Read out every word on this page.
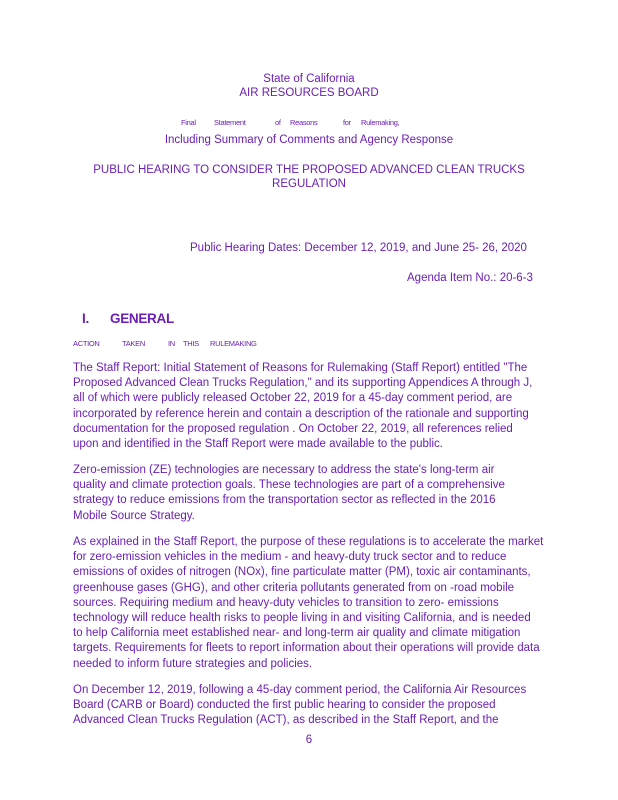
State of California
AIR RESOURCES BOARD
Final Statement	of Reasons	for Rulemaking,
Including Summary of Comments and Agency Response
PUBLIC HEARING TO CONSIDER THE PROPOSED ADVANCED CLEAN TRUCKS
REGULATION
Public Hearing Dates: December 12, 2019, and June 25- 26, 2020
Agenda Item No.: 20-6-3
I. GENERAL
ACTION	TAKEN	IN THIS RULEMAKING
The Staff Report: Initial Statement of Reasons for Rulemaking (Staff Report) entitled "The
Proposed Advanced Clean Trucks Regulation," and its supporting Appendices A through J,
all of which were publicly released October 22, 2019 for a 45-day comment period, are
incorporated by reference herein and contain a description of the rationale and supporting
documentation for the proposed regulation . On October 22, 2019, all references relied
upon and identified in the Staff Report were made available to the public.
Zero-emission (ZE) technologies are necessary to address the state's long-term air
quality and climate protection goals. These technologies are part of a comprehensive
strategy to reduce emissions from the transportation sector as reflected in the 2016
Mobile Source Strategy.
As explained in the Staff Report, the purpose of these regulations is to accelerate the market
for zero-emission vehicles in the medium - and heavy-duty truck sector and to reduce
emissions of oxides of nitrogen (NOx), fine particulate matter (PM), toxic air contaminants,
greenhouse gases (GHG), and other criteria pollutants generated from on -road mobile
sources. Requiring medium and heavy-duty vehicles to transition to zero- emissions
technology will reduce health risks to people living in and visiting California, and is needed
to help California meet established near- and long-term air quality and climate mitigation
targets. Requirements for fleets to report information about their operations will provide data
needed to inform future strategies and policies.
On December 12, 2019, following a 45-day comment period, the California Air Resources
Board (CARB or Board) conducted the first public hearing to consider the proposed
Advanced Clean Trucks Regulation (ACT), as described in the Staff Report, and the
6
